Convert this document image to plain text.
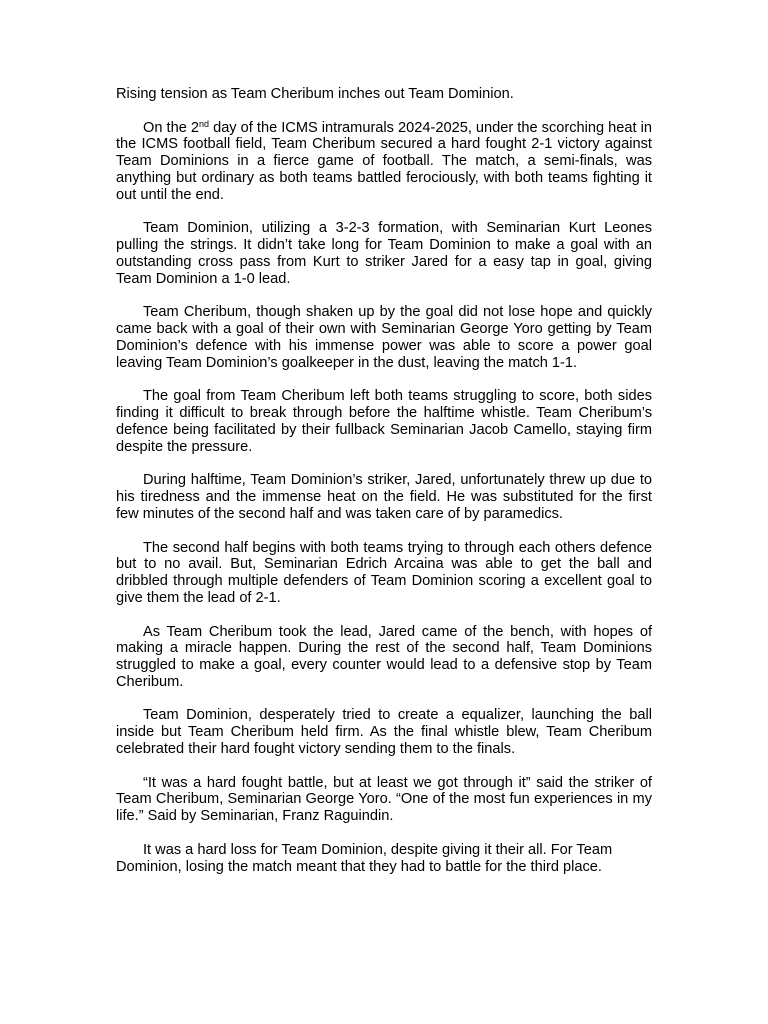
Rising tension as Team Cheribum inches out Team Dominion.

On the 2nd day of the ICMS intramurals 2024-2025, under the scorching heat in the ICMS football field, Team Cheribum secured a hard fought 2-1 victory against Team Dominions in a fierce game of football. The match, a semi-finals, was anything but ordinary as both teams battled ferociously, with both teams fighting it out until the end.

Team Dominion, utilizing a 3-2-3 formation, with Seminarian Kurt Leones pulling the strings. It didn’t take long for Team Dominion to make a goal with an outstanding cross pass from Kurt to striker Jared for a easy tap in goal, giving Team Dominion a 1-0 lead.

Team Cheribum, though shaken up by the goal did not lose hope and quickly came back with a goal of their own with Seminarian George Yoro getting by Team Dominion’s defence with his immense power was able to score a power goal leaving Team Dominion’s goalkeeper in the dust, leaving the match 1-1.

The goal from Team Cheribum left both teams struggling to score, both sides finding it difficult to break through before the halftime whistle. Team Cheribum’s defence being facilitated by their fullback Seminarian Jacob Camello, staying firm despite the pressure.

During halftime, Team Dominion’s striker, Jared, unfortunately threw up due to his tiredness and the immense heat on the field. He was substituted for the first few minutes of the second half and was taken care of by paramedics.

The second half begins with both teams trying to through each others defence but to no avail. But, Seminarian Edrich Arcaina was able to get the ball and dribbled through multiple defenders of Team Dominion scoring a excellent goal to give them the lead of 2-1.

As Team Cheribum took the lead, Jared came of the bench, with hopes of making a miracle happen. During the rest of the second half, Team Dominions struggled to make a goal, every counter would lead to a defensive stop by Team Cheribum.

Team Dominion, desperately tried to create a equalizer, launching the ball inside but Team Cheribum held firm. As the final whistle blew, Team Cheribum celebrated their hard fought victory sending them to the finals.

“It was a hard fought battle, but at least we got through it” said the striker of Team Cheribum, Seminarian George Yoro. “One of the most fun experiences in my life.” Said by Seminarian, Franz Raguindin.

It was a hard loss for Team Dominion, despite giving it their all. For Team Dominion, losing the match meant that they had to battle for the third place.
